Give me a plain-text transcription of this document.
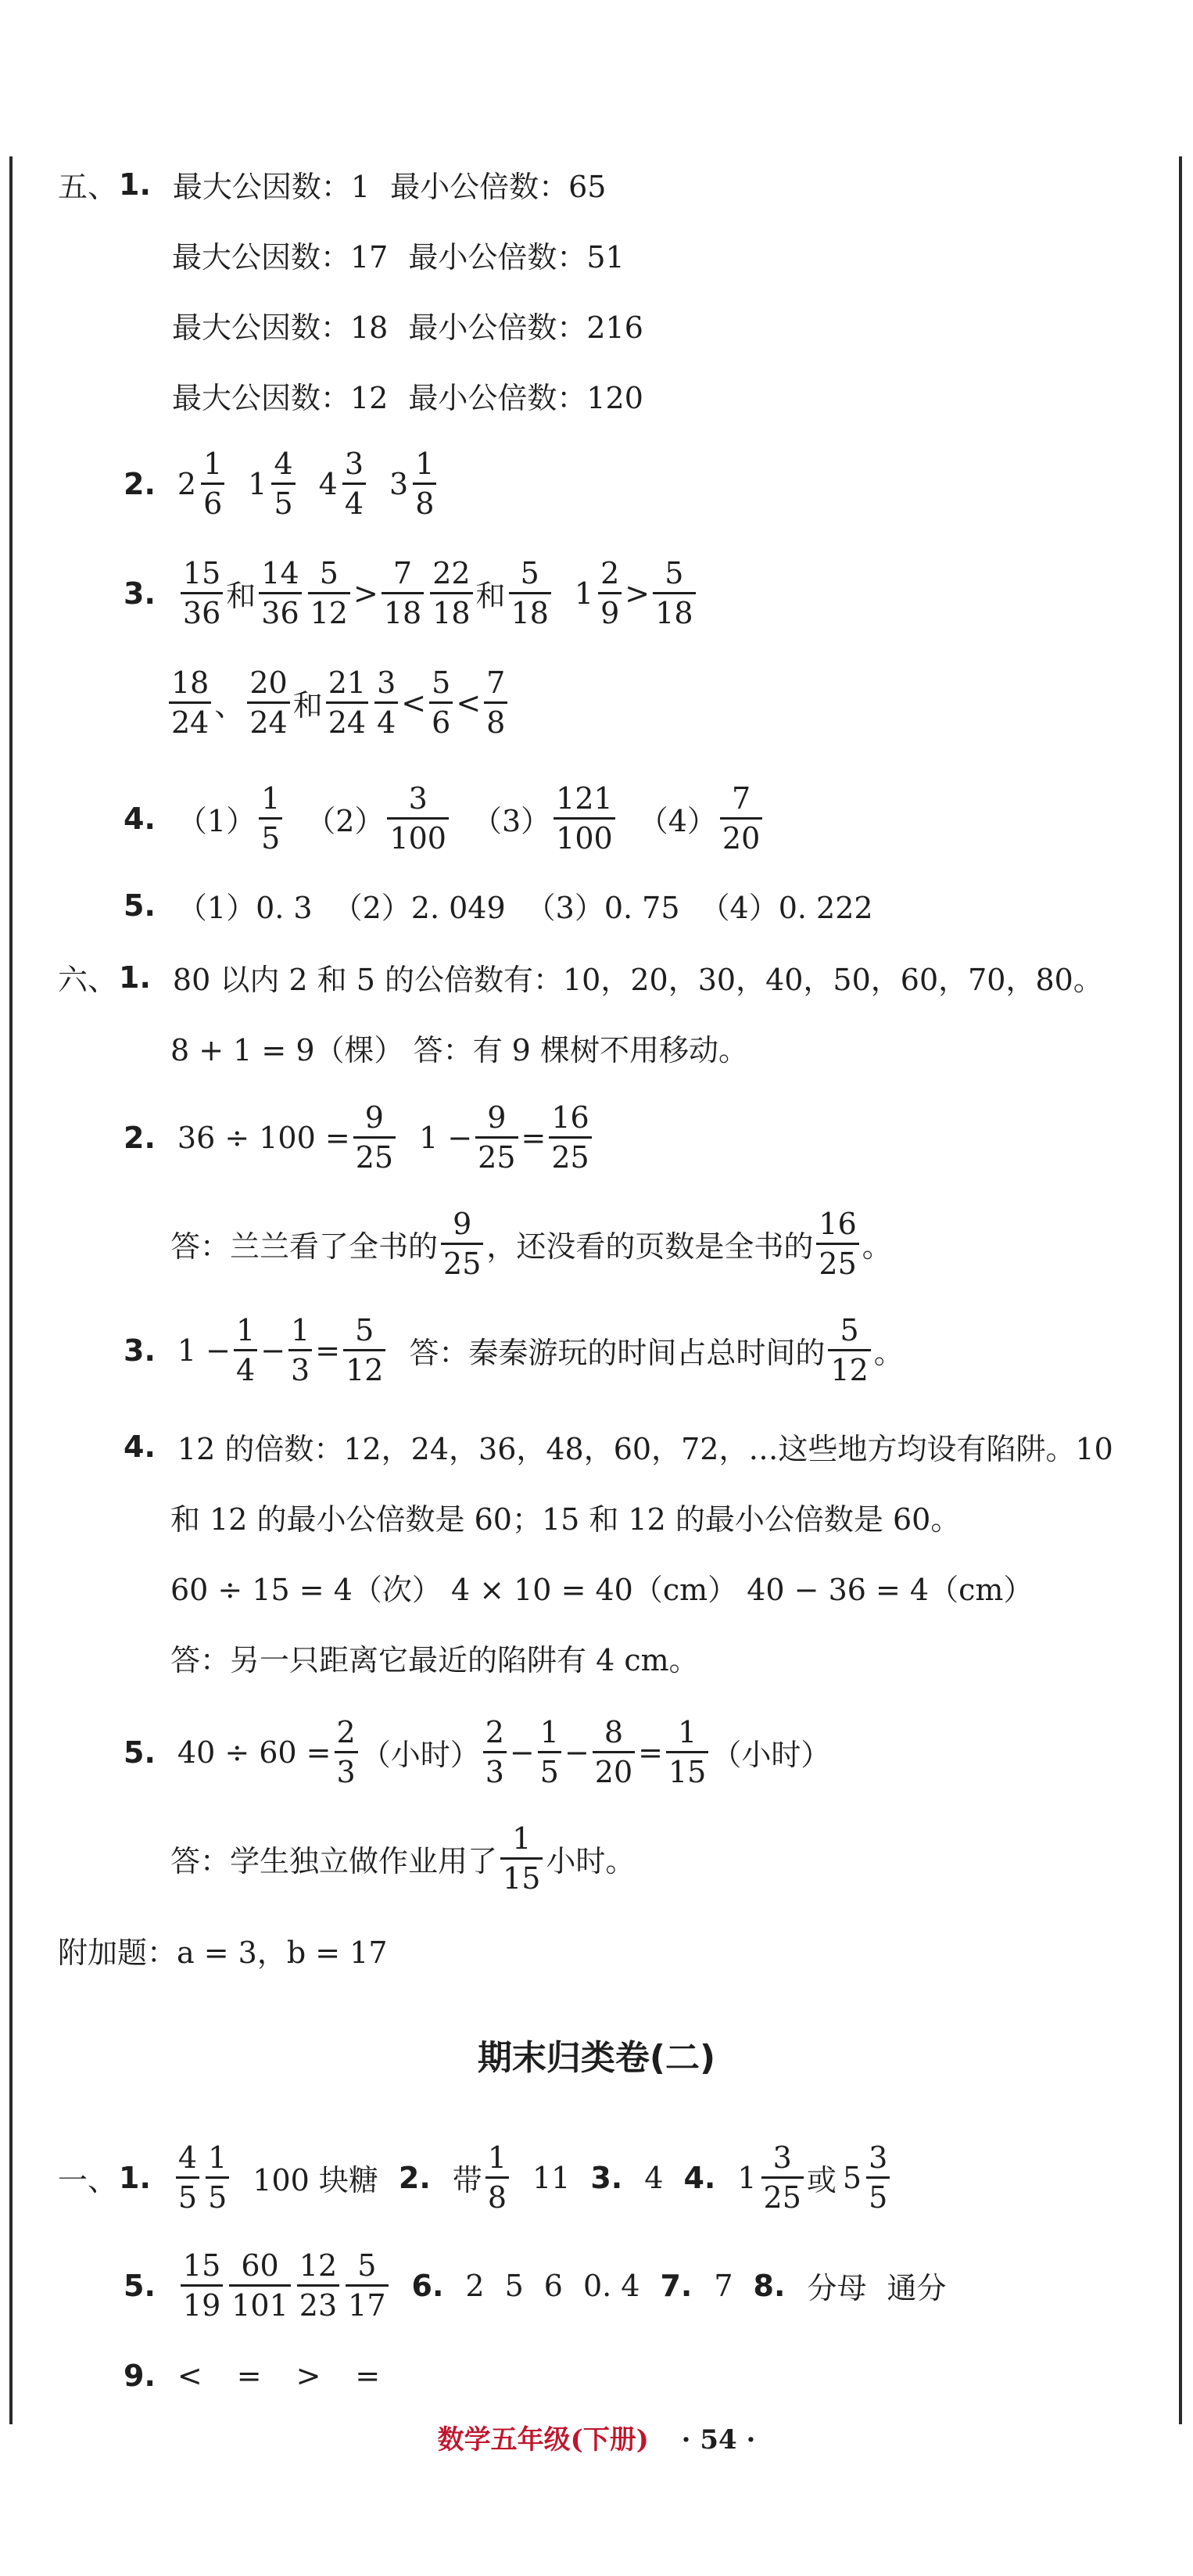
五、 1. 最大公因数：1 最小公倍数：65
最大公因数：17 最小公倍数：51
最大公因数：18 最小公倍数：216
最大公因数：12 最小公倍数：120
2. $2 \frac{1}{6} 1 \frac{4}{5} 4 \frac{3}{4} 3 \frac{1}{8}$
3. $\frac{15}{36}$ 和 $\frac{14}{36} \frac{5}{12} > \frac{7}{18} \frac{22}{18}$ 和 $\frac{5}{18} 1 \frac{2}{9} > \frac{5}{18}$
$\frac{18}{24}$ 、 $\frac{20}{24}$ 和 $\frac{21}{24} \frac{3}{4} < \frac{5}{6} < \frac{7}{8}$
4. $(1) \frac{1}{5} (2) \frac{3}{100} (3) \frac{121}{100} (4) \frac{7}{20}$
5. （1）0. 3 （2）2. 049 （3）0. 75 （4）0. 222
六、 1. 80 以内 2 和 5 的公倍数有：10，20，30，40，50，60，70，80。
8 + 1 = 9（棵） 答：有 9 棵树不用移动。
2. $36 \div 100 = \frac{9}{25} 1 - \frac{9}{25} = \frac{16}{25}$
答：兰兰看了全书的 $\frac{9}{25}$ ，还没看的页数是全书的 $\frac{16}{25}$ 。
3. $1 - \frac{1}{4} - \frac{1}{3} = \frac{5}{12}$ 答：秦秦游玩的时间占总时间的 $\frac{5}{12}$ 。
4. 12 的倍数：12，24，36，48，60，72，…这些地方均设有陷阱。10
和 12 的最小公倍数是 60；15 和 12 的最小公倍数是 60。
60 ÷ 15 = 4（次） 4 × 10 = 40（cm） 40 − 36 = 4（cm）
答：另一只距离它最近的陷阱有 4 cm。
5. $40 \div 60 = \frac{2}{3}$ （小时） $\frac{2}{3} - \frac{1}{5} - \frac{8}{20} = \frac{1}{15}$ （小时）
答：学生独立做作业用了 $\frac{1}{15}$ 小时。
附加题：a = 3，b = 17
期末归类卷(二)
一、 1. $\frac{4}{5} \frac{1}{5} 100$ 块糖 2. 带 $\frac{1}{8} 11$ 3. 4 4. $1 \frac{3}{25}$ 或 $5 \frac{3}{5}$
5. $\frac{15}{19} \frac{60}{101} \frac{12}{23} \frac{5}{17} 6$. 2 5 6 0. 4 7. 7 8. 分母 通分
9. < = > =
数学五年级(下册) · 54 ·
